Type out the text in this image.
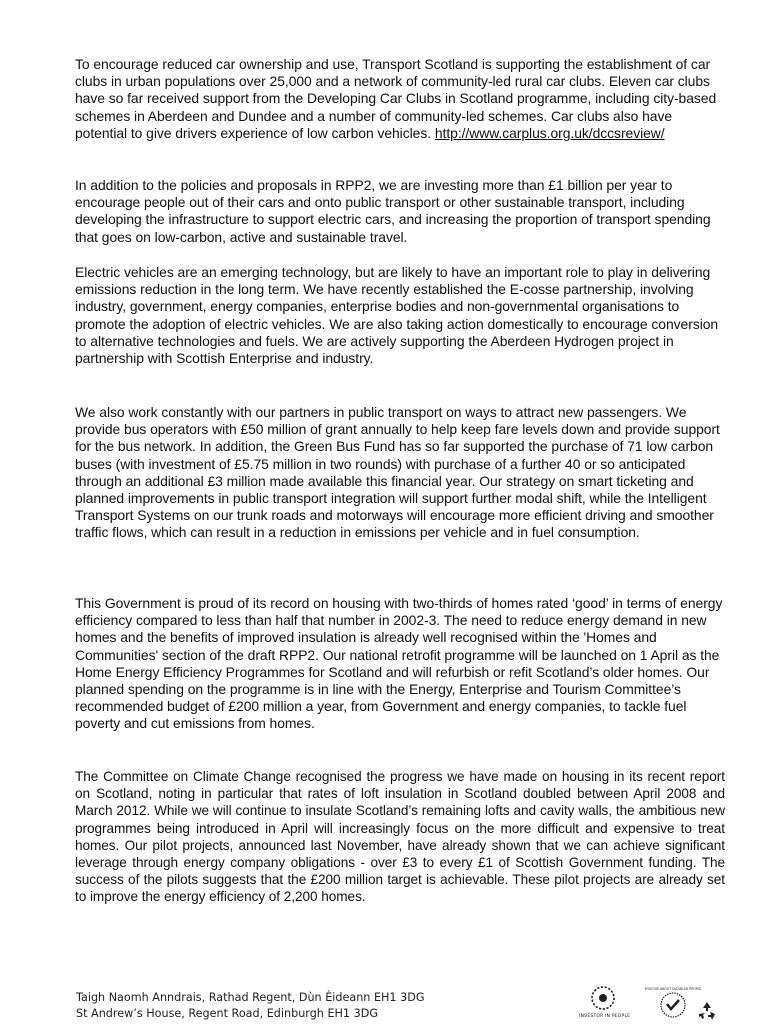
To encourage reduced car ownership and use, Transport Scotland is supporting the establishment of car clubs in urban populations over 25,000 and a network of community-led rural car clubs. Eleven car clubs have so far received support from the Developing Car Clubs in Scotland programme, including city-based schemes in Aberdeen and Dundee and a number of community-led schemes. Car clubs also have potential to give drivers experience of low carbon vehicles. http://www.carplus.org.uk/dccsreview/

In addition to the policies and proposals in RPP2, we are investing more than £1 billion per year to encourage people out of their cars and onto public transport or other sustainable transport, including developing the infrastructure to support electric cars, and increasing the proportion of transport spending that goes on low-carbon, active and sustainable travel.

Electric vehicles are an emerging technology, but are likely to have an important role to play in delivering emissions reduction in the long term. We have recently established the E-cosse partnership, involving industry, government, energy companies, enterprise bodies and non-governmental organisations to promote the adoption of electric vehicles. We are also taking action domestically to encourage conversion to alternative technologies and fuels. We are actively supporting the Aberdeen Hydrogen project in partnership with Scottish Enterprise and industry.

We also work constantly with our partners in public transport on ways to attract new passengers. We provide bus operators with £50 million of grant annually to help keep fare levels down and provide support for the bus network. In addition, the Green Bus Fund has so far supported the purchase of 71 low carbon buses (with investment of £5.75 million in two rounds) with purchase of a further 40 or so anticipated through an additional £3 million made available this financial year. Our strategy on smart ticketing and planned improvements in public transport integration will support further modal shift, while the Intelligent Transport Systems on our trunk roads and motorways will encourage more efficient driving and smoother traffic flows, which can result in a reduction in emissions per vehicle and in fuel consumption.

This Government is proud of its record on housing with two-thirds of homes rated ‘good’ in terms of energy efficiency compared to less than half that number in 2002-3. The need to reduce energy demand in new homes and the benefits of improved insulation is already well recognised within the 'Homes and Communities' section of the draft RPP2. Our national retrofit programme will be launched on 1 April as the Home Energy Efficiency Programmes for Scotland and will refurbish or refit Scotland’s older homes. Our planned spending on the programme is in line with the Energy, Enterprise and Tourism Committee’s recommended budget of £200 million a year, from Government and energy companies, to tackle fuel poverty and cut emissions from homes.

The Committee on Climate Change recognised the progress we have made on housing in its recent report on Scotland, noting in particular that rates of loft insulation in Scotland doubled between April 2008 and March 2012. While we will continue to insulate Scotland’s remaining lofts and cavity walls, the ambitious new programmes being introduced in April will increasingly focus on the more difficult and expensive to treat homes. Our pilot projects, announced last November, have already shown that we can achieve significant leverage through energy company obligations - over £3 to every £1 of Scottish Government funding. The success of the pilots suggests that the £200 million target is achievable. These pilot projects are already set to improve the energy efficiency of 2,200 homes.

Taigh Naomh Anndrais, Rathad Regent, Dùn Èideann EH1 3DG
St Andrew’s House, Regent Road, Edinburgh EH1 3DG	INVESTOR IN PEOPLE
POSITIVE ABOUT DISABLED PEOPLE
